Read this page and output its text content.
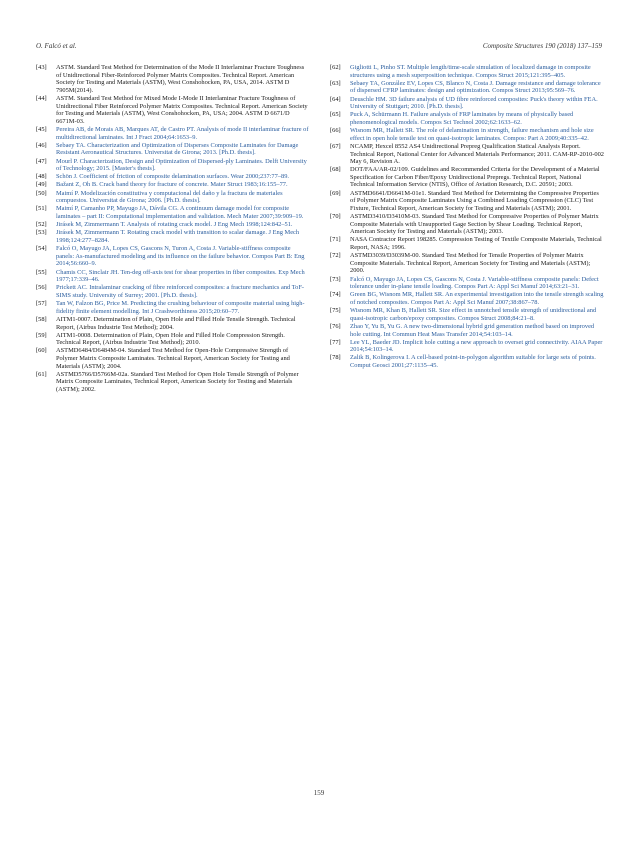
O. Falcó et al.	Composite Structures 190 (2018) 137–159
[43] ASTM. Standard Test Method for Determination of the Mode II Interlaminar Fracture Toughness of Unidirectional Fiber-Reinforced Polymer Matrix Composites. Technical Report. American Society for Testing and Materials (ASTM), West Conshohocken, PA, USA, 2014. ASTM D 7905M(2014).
[44] ASTM. Standard Test Method for Mixed Mode I-Mode II Interlaminar Fracture Toughness of Unidirectional Fiber Reinforced Polymer Matrix Composites. Technical Report. American Society for Testing and Materials (ASTM), West Conshohocken, PA, USA; 2004. ASTM D 6671/D 6671M-03.
[45] Pereira AB, de Morais AB, Marques AT, de Castro PT. Analysis of mode II interlaminar fracture of multidirectional laminates. Int J Fract 2004;64:1653–9.
[46] Sebaey TA. Characterization and Optimization of Disperses Composite Laminates for Damage Resistant Aeronautical Structures. Universitat de Girona; 2013. [Ph.D. thesis].
[47] Mourl P. Characterization, Design and Optimization of Dispersed-ply Laminates. Delft University of Technology; 2015. [Master's thesis].
[48] Schön J. Coefficient of friction of composite delamination surfaces. Wear 2000;237:77–89.
[49] Bažant Z, Oh B. Crack band theory for fracture of concrete. Mater Struct 1983;16:155–77.
[50] Maimí P. Modelización constitutiva y computacional del daño y la fractura de materiales compuestos. Universitat de Girona; 2006. [Ph.D. thesis].
[51] Maimí P, Camanho PP, Mayugo JA, Dávila CG. A continuum damage model for composite laminates – part II: Computational implementation and validation. Mech Mater 2007;39:909–19.
[52] Jirásek M, Zimmermann T. Analysis of rotating crack model. J Eng Mech 1998;124:842–51.
[53] Jirásek M, Zimmermann T. Rotating crack model with transition to scalar damage. J Eng Mech 1998;124:277–8284.
[54] Falcó O, Mayugo JA, Lopes CS, Gascons N, Turon A, Costa J. Variable-stiffness composite panels: As-manufactured modeling and its influence on the failure behavior. Compos Part B: Eng 2014;56:660–9.
[55] Chamis CC, Sinclair JH. Ten-deg off-axis test for shear properties in fiber composites. Exp Mech 1977;17:339–46.
[56] Prickett AC. Intralaminar cracking of fibre reinforced composites: a fracture mechanics and ToF-SIMS study. University of Surrey; 2001. [Ph.D. thesis].
[57] Tan W, Falzon BG, Price M. Predicting the crushing behaviour of composite material using high-fidelity finite element modelling. Int J Crashworthiness 2015;20:60–77.
[58] AITM1-0007. Determination of Plain, Open Hole and Filled Hole Tensile Strength. Technical Report, (Airbus Industrie Test Method); 2004.
[59] AITM1-0008. Determination of Plain, Open Hole and Filled Hole Compression Strength. Technical Report, (Airbus Industrie Test Method); 2010.
[60] ASTMD6484/D6484M-04. Standard Test Method for Open-Hole Compressive Strength of Polymer Matrix Composite Laminates. Technical Report, American Society for Testing and Materials (ASTM); 2004.
[61] ASTMD5766/D5766M-02a. Standard Test Method for Open Hole Tensile Strength of Polymer Matrix Composite Laminates, Technical Report, American Society for Testing and Materials (ASTM); 2002.
[62] Gigliotti L, Pinho ST. Multiple length/time-scale simulation of localized damage in composite structures using a mesh superposition technique. Compos Struct 2015;121:395–405.
[63] Sebaey TA, González EV, Lopes CS, Blanco N, Costa J. Damage resistance and damage tolerance of dispersed CFRP laminates: design and optimization. Compos Struct 2013;95:569–76.
[64] Deuschle HM. 3D failure analysis of UD fibre reinforced composites: Puck's theory within FEA. University of Stuttgart; 2010. [Ph.D. thesis].
[65] Puck A, Schürmann H. Failure analysis of FRP laminates by means of physically based phenomenological models. Compos Sci Technol 2002;62:1633–62.
[66] Wisnom MR, Hallett SR. The role of delamination in strength, failure mechanism and hole size effect in open hole tensile test on quasi-isotropic laminates. Compos: Part A 2009;40:335–42.
[67] NCAMP, Hexcel 8552 AS4 Unidirectional Prepreg Qualification Statical Analysis Report. Technical Report, National Center for Advanced Materials Performance; 2011. CAM-RP-2010-002 May 6, Revision A.
[68] DOT/FAA/AR-02/109. Guidelines and Recommended Criteria for the Development of a Material Specification for Carbon Fiber/Epoxy Unidirectional Prepregs. Technical Report, National Technical Information Service (NTIS), Office of Aviation Research, D.C. 20591; 2003.
[69] ASTMD6641/D6641M-01e1. Standard Test Method for Determining the Compressive Properties of Polymer Matrix Composite Laminates Using a Combined Loading Compression (CLC) Test Fixture, Technical Report, American Society for Testing and Materials (ASTM); 2001.
[70] ASTMD3410/D3410M-03. Standard Test Method for Compressive Properties of Polymer Matrix Composite Materials with Unsupported Gage Section by Shear Loading. Technical Report, American Society for Testing and Materials (ASTM); 2003.
[71] NASA Contractor Report 198285. Compression Testing of Textile Composite Materials, Technical Report, NASA; 1996.
[72] ASTMD3039/D3039M-00. Standard Test Method for Tensile Properties of Polymer Matrix Composite Materials. Technical Report, American Society for Testing and Materials (ASTM); 2000.
[73] Falcó O, Mayugo JA, Lopes CS, Gascons N, Costa J. Variable-stiffness composite panels: Defect tolerance under in-plane tensile loading. Compos Part A: Appl Sci Manuf 2014;63:21–31.
[74] Green BG, Wisnom MR, Hallett SR. An experimental investigation into the tensile strength scaling of notched composites. Compos Part A: Appl Sci Manuf 2007;38:867–78.
[75] Wisnom MR, Khan B, Hallett SR. Size effect in unnotched tensile strength of unidirectional and quasi-isotropic carbon/epoxy composites. Compos Struct 2008;84:21–8.
[76] Zhao Y, Yu B, Yu G. A new two-dimensional hybrid grid generation method based on improved hole cutting. Int Commun Heat Mass Transfer 2014;54:103–14.
[77] Lee YL, Baeder JD. Implicit hole cutting a new approach to overset grid connectivity. AIAA Paper 2014;54:103–14.
[78] Zalik B, Kolingerova I. A cell-based point-in-polygon algorithm suitable for large sets of points. Comput Geosci 2001;27:1135–45.
159
